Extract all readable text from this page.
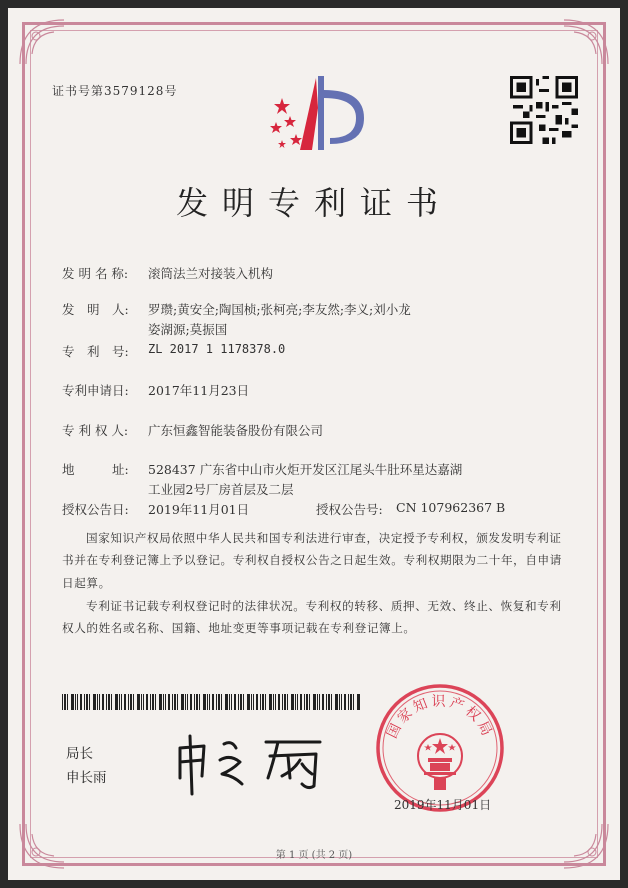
证书号第3579128号
发明专利证书
发 明 名 称: 滚筒法兰对接装入机构
发　明　人: 罗瓒;黄安全;陶国桢;张柯亮;李友然;李义;刘小龙
姿湖源;莫振国
专　利　号: ZL 2017 1 1178378.0
专利申请日: 2017年11月23日
专 利 权 人: 广东恒鑫智能装备股份有限公司
地　　　址: 528437 广东省中山市火炬开发区江尾头牛肚环星达嘉湖
工业园2号厂房首层及二层
授权公告日: 2019年11月01日	授权公告号: CN 107962367 B
国家知识产权局依照中华人民共和国专利法进行审查，决定授予专利权，颁发发明专利证书并在专利登记簿上予以登记。专利权自授权公告之日起生效。专利权期限为二十年，自申请日起算。
专利证书记载专利权登记时的法律状况。专利权的转移、质押、无效、终止、恢复和专利权人的姓名或名称、国籍、地址变更等事项记载在专利登记簿上。
局长
申长雨
国家知识产权局
2019年11月01日
第 1 页 (共 2 页)
